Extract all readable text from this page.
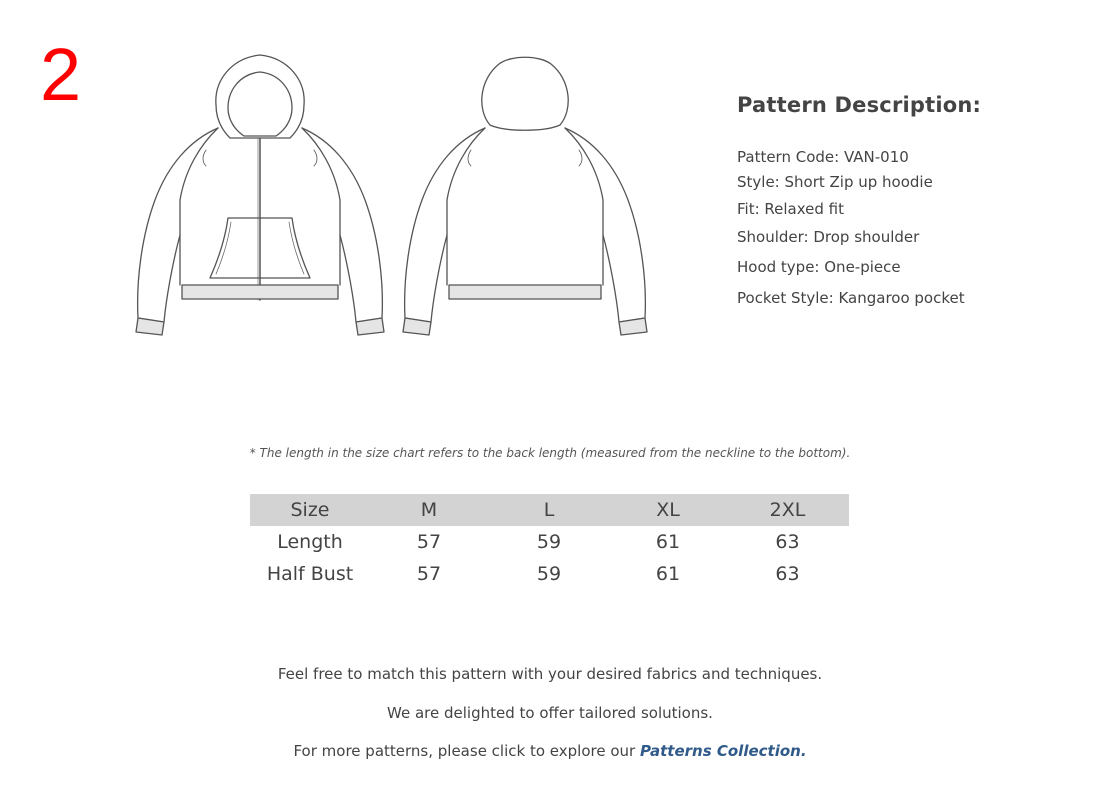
2	Pattern Description:
Pattern Code: VAN-010
Style: Short Zip up hoodie
Fit: Relaxed fit
Shoulder: Drop shoulder
Hood type: One-piece
Pocket Style: Kangaroo pocket
* The length in the size chart refers to the back length (measured from the neckline to the bottom).
Size	M	L	XL	2XL
Length	57	59	61	63
Half Bust	57	59	61	63
Feel free to match this pattern with your desired fabrics and techniques.
We are delighted to offer tailored solutions.
For more patterns, please click to explore our Patterns Collection.
